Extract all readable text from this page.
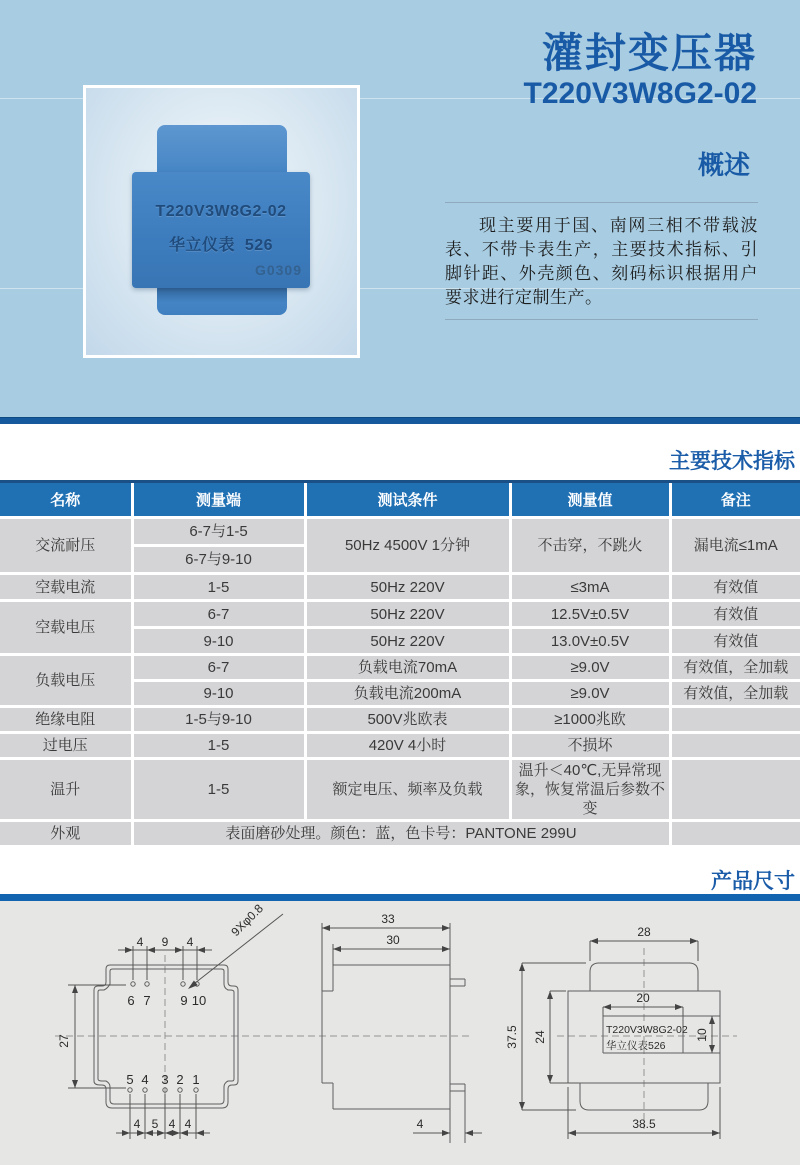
T220V3W8G2-02
华立仪表  526
G0309
灌封变压器
T220V3W8G2-02
概述
现主要用于国、南网三相不带载波表、不带卡表生产，主要技术指标、引脚针距、外壳颜色、刻码标识根据用户要求进行定制生产。
主要技术指标
名称	测量端	测试条件	测量值	备注
交流耐压	6-7与1-5	50Hz 4500V 1分钟	不击穿，不跳火	漏电流≤1mA
	6-7与9-10			
空载电流	1-5	50Hz 220V	≤3mA	有效值
空载电压	6-7	50Hz 220V	12.5V±0.5V	有效值
	9-10	50Hz 220V	13.0V±0.5V	有效值
负载电压	6-7	负载电流70mA	≥9.0V	有效值，全加载
	9-10	负载电流200mA	≥9.0V	有效值，全加载
绝缘电阻	1-5与9-10	500V兆欧表	≥1000兆欧	
过电压	1-5	420V 4小时	不损坏	
温升	1-5	额定电压、频率及负载	温升＜40℃,无异常现象，恢复常温后参数不变	
外观	表面磨砂处理。颜色：蓝，色卡号：PANTONE 299U			
产品尺寸
4 9 4
6 7 9 10
9Xφ0.8
27
5 4 3 2 1
4 5 4 4
33
30
4
T220V3W8G2-02
华立仪表526
28
20
37.5 24	10
38.5
